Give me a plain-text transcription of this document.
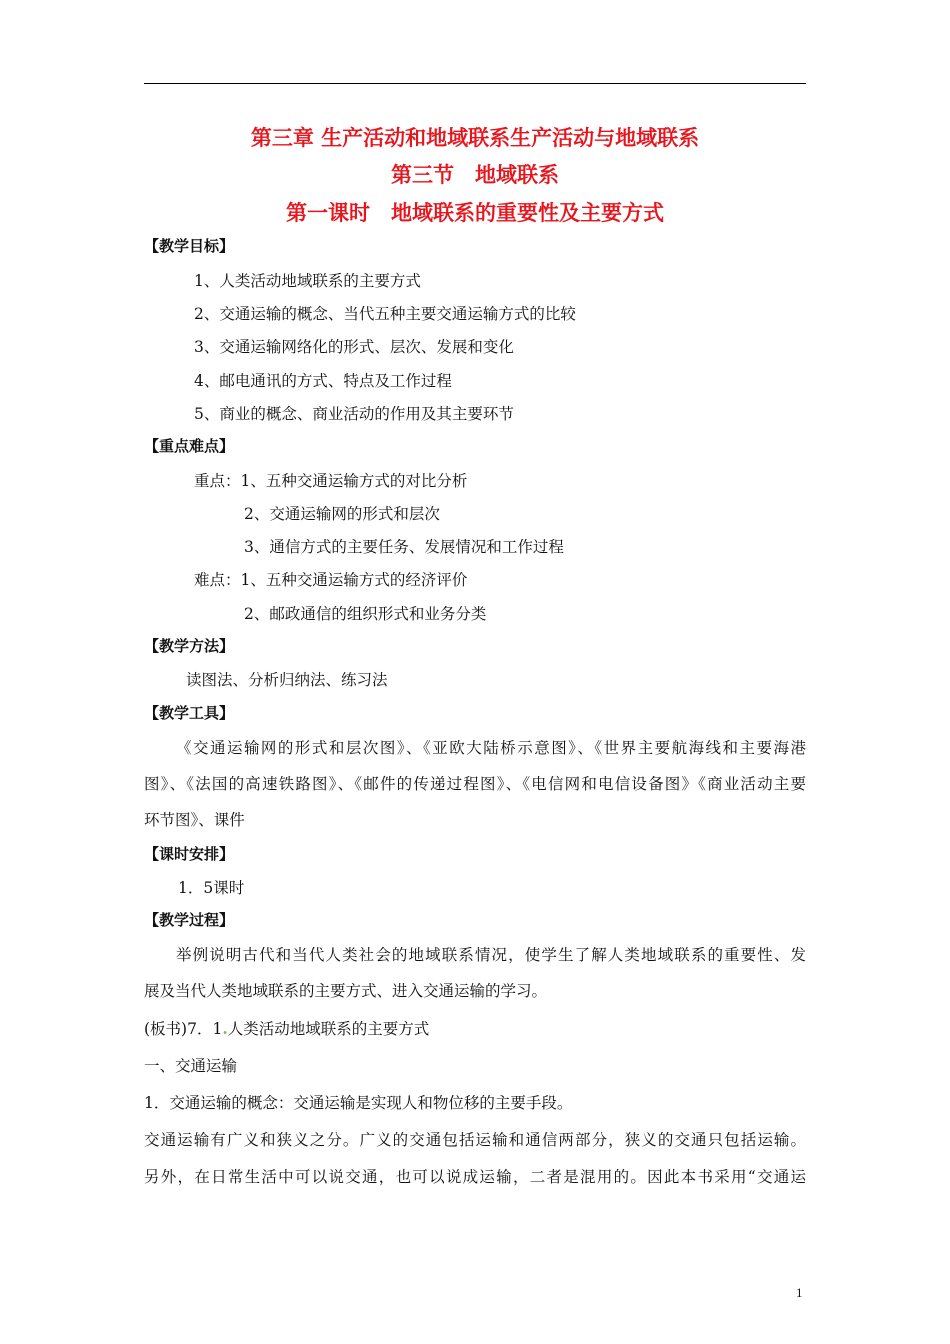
第三章 生产活动和地域联系生产活动与地域联系
第三节　地域联系
第一课时　地域联系的重要性及主要方式
【教学目标】
1、人类活动地域联系的主要方式
2、交通运输的概念、当代五种主要交通运输方式的比较
3、交通运输网络化的形式、层次、发展和变化
4、邮电通讯的方式、特点及工作过程
5、商业的概念、商业活动的作用及其主要环节
【重点难点】
重点：1、五种交通运输方式的对比分析
2、交通运输网的形式和层次
3、通信方式的主要任务、发展情况和工作过程
难点：1、五种交通运输方式的经济评价
2、邮政通信的组织形式和业务分类
【教学方法】
读图法、分析归纳法、练习法
【教学工具】
《交通运输网的形式和层次图》、《亚欧大陆桥示意图》、《世界主要航海线和主要海港
图》、《法国的高速铁路图》、《邮件的传递过程图》、《电信网和电信设备图》《商业活动主要
环节图》、课件
【课时安排】
1．5课时
【教学过程】
举例说明古代和当代人类社会的地域联系情况，使学生了解人类地域联系的重要性、发
展及当代人类地域联系的主要方式、进入交通运输的学习。
(板书)7．1.人类活动地域联系的主要方式
一、交通运输
1．交通运输的概念：交通运输是实现人和物位移的主要手段。
交通运输有广义和狭义之分。广义的交通包括运输和通信两部分，狭义的交通只包括运输。
另外，在日常生活中可以说交通，也可以说成运输，二者是混用的。因此本书采用“交通运
1
